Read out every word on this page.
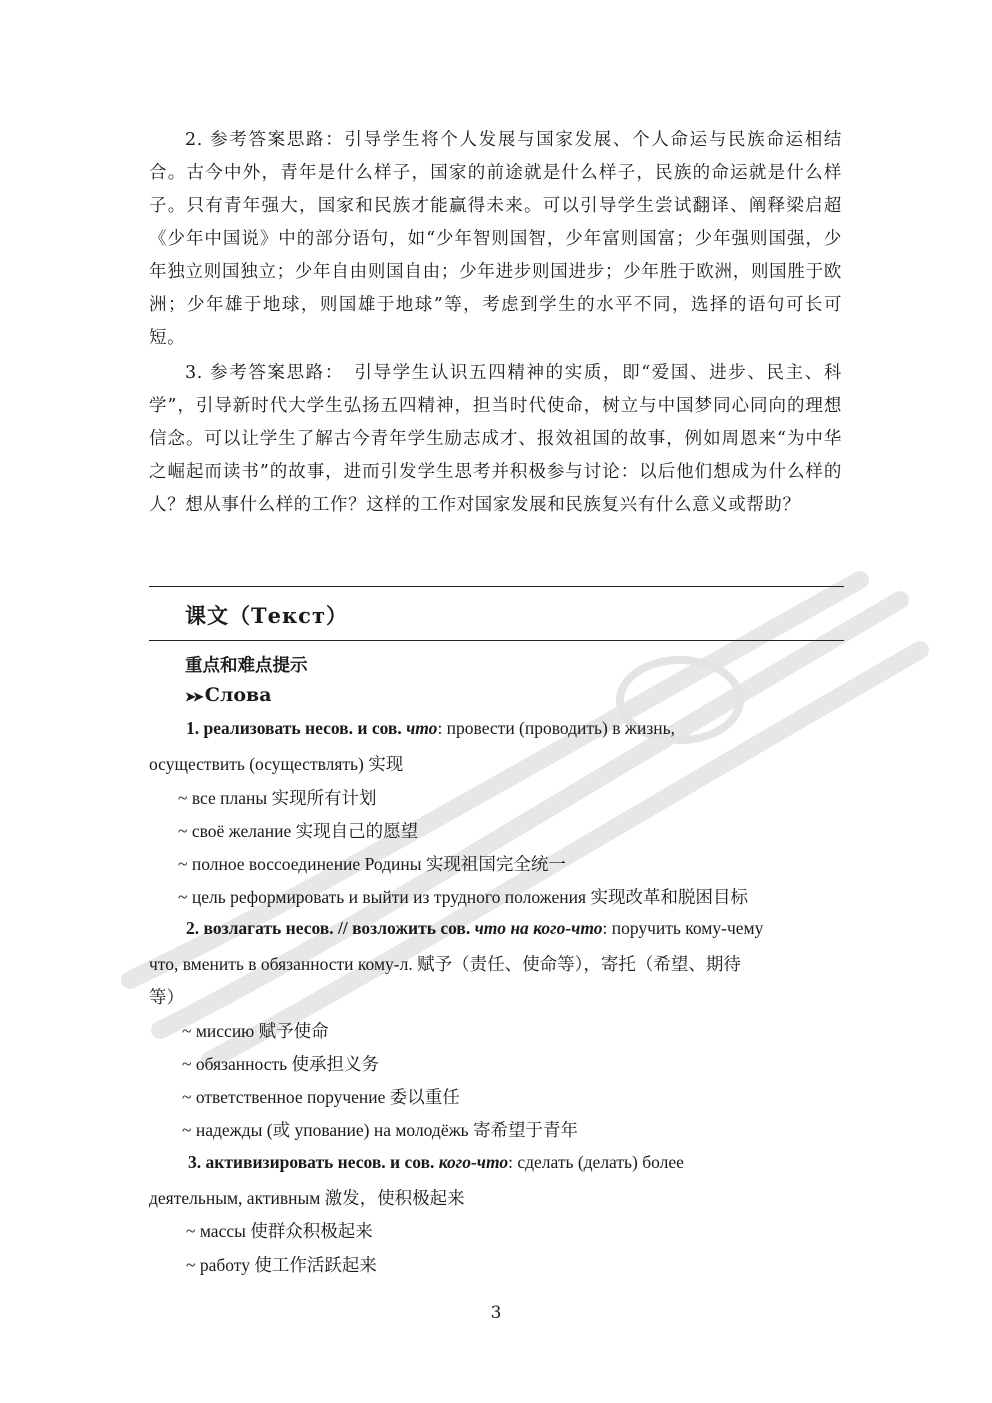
2. 参考答案思路：引导学生将个人发展与国家发展、个人命运与民族命运相结合。古今中外，青年是什么样子，国家的前途就是什么样子，民族的命运就是什么样子。只有青年强大，国家和民族才能赢得未来。可以引导学生尝试翻译、阐释梁启超《少年中国说》中的部分语句，如“少年智则国智，少年富则国富；少年强则国强，少年独立则国独立；少年自由则国自由；少年进步则国进步；少年胜于欧洲，则国胜于欧洲；少年雄于地球，则国雄于地球”等，考虑到学生的水平不同，选择的语句可长可短。
3. 参考答案思路：　引导学生认识五四精神的实质，即“爱国、进步、民主、科学”，引导新时代大学生弘扬五四精神，担当时代使命，树立与中国梦同心同向的理想信念。可以让学生了解古今青年学生励志成才、报效祖国的故事，例如周恩来“为中华之崛起而读书”的故事，进而引发学生思考并积极参与讨论：以后他们想成为什么样的人？想从事什么样的工作？这样的工作对国家发展和民族复兴有什么意义或帮助？
课文（Текст）
重点和难点提示
➤➤ Слова
1. реализовать несов. и сов. что: провести (проводить) в жизнь,
осуществить (осуществлять) 实现
~ все планы 实现所有计划
~ своё желание 实现自己的愿望
~ полное воссоединение Родины 实现祖国完全统一
~ цель реформировать и выйти из трудного положения 实现改革和脱困目标
2. возлагать несов. // возложить сов. что на кого-что: поручить кому-чему
что, вменить в обязанности кому-л. 赋予（责任、使命等），寄托（希望、期待
等）
~ миссию 赋予使命
~ обязанность 使承担义务
~ ответственное поручение 委以重任
~ надежды (或 упование) на молодёжь 寄希望于青年
3. активизировать несов. и сов. кого-что: сделать (делать) более
деятельным, активным 激发，使积极起来
~ массы 使群众积极起来
~ работу 使工作活跃起来
3
